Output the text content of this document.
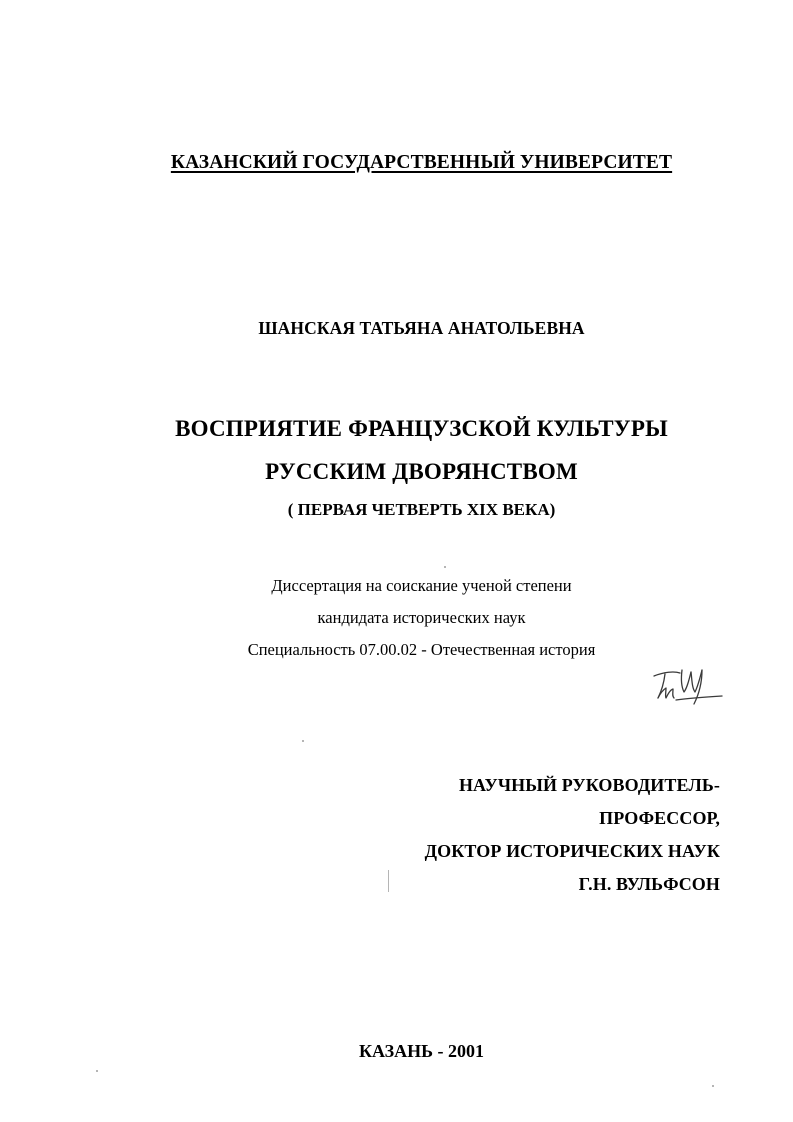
КАЗАНСКИЙ ГОСУДАРСТВЕННЫЙ УНИВЕРСИТЕТ
ШАНСКАЯ ТАТЬЯНА АНАТОЛЬЕВНА
ВОСПРИЯТИЕ ФРАНЦУЗСКОЙ КУЛЬТУРЫ
РУССКИМ ДВОРЯНСТВОМ
( ПЕРВАЯ ЧЕТВЕРТЬ XIX ВЕКА)
Диссертация на соискание ученой степени
кандидата исторических наук
Специальность 07.00.02 - Отечественная история
НАУЧНЫЙ РУКОВОДИТЕЛЬ-
ПРОФЕССОР,
ДОКТОР ИСТОРИЧЕСКИХ НАУК
Г.Н. ВУЛЬФСОН
КАЗАНЬ - 2001
